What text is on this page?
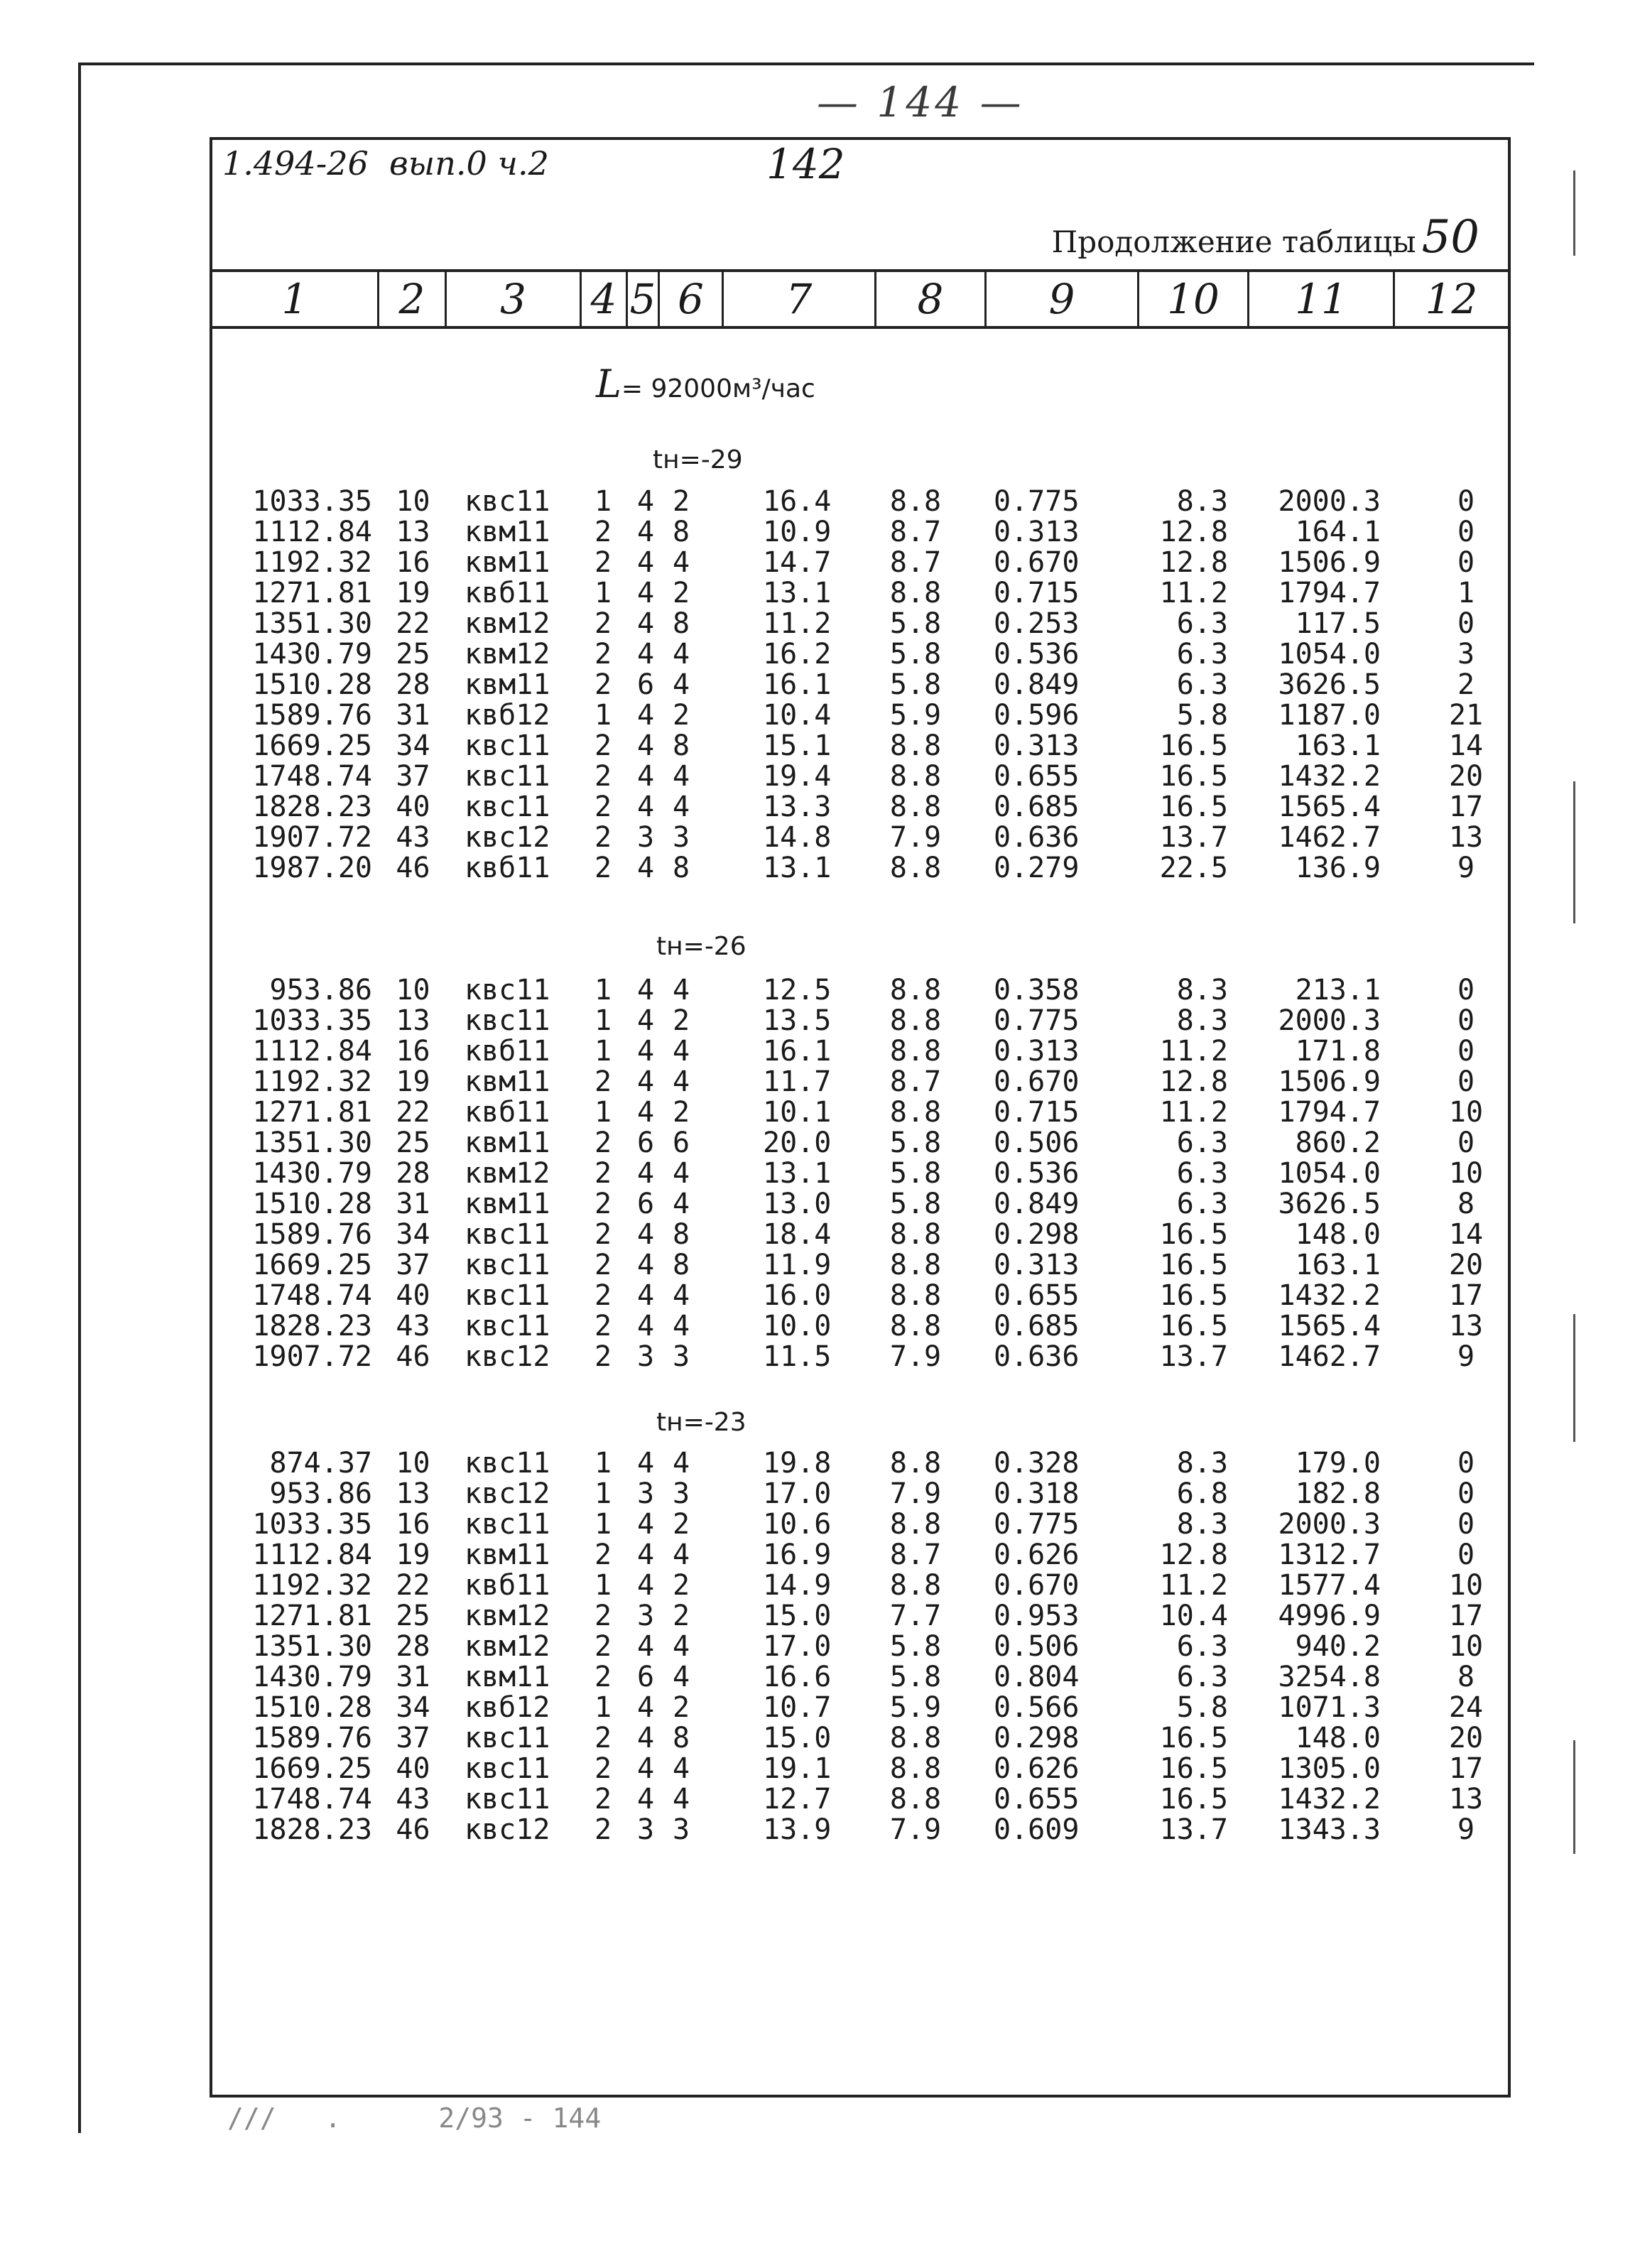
— 144 —
1.494-26  вып.0 ч.2	142
Продолжение таблицы 50
1	2	3	4 5 6	7	8	9	10	11	12
L= 92000м³/час
tн=-29
1033.35 10	квс11	1 4 2	16.4	8.8	0.775	8.3	2000.3	0
1112.84 13	квм11	2 4 8	10.9	8.7	0.313	12.8	164.1	0
1192.32 16	квм11	2 4 4	14.7	8.7	0.670	12.8	1506.9	0
1271.81 19	квб11	1 4 2	13.1	8.8	0.715	11.2	1794.7	1
1351.30 22	квм12	2 4 8	11.2	5.8	0.253	6.3	117.5	0
1430.79 25	квм12	2 4 4	16.2	5.8	0.536	6.3	1054.0	3
1510.28 28	квм11	2 6 4	16.1	5.8	0.849	6.3	3626.5	2
1589.76 31	квб12	1 4 2	10.4	5.9	0.596	5.8	1187.0	21
1669.25 34	квс11	2 4 8	15.1	8.8	0.313	16.5	163.1	14
1748.74 37	квс11	2 4 4	19.4	8.8	0.655	16.5	1432.2	20
1828.23 40	квс11	2 4 4	13.3	8.8	0.685	16.5	1565.4	17
1907.72 43	квс12	2 3 3	14.8	7.9	0.636	13.7	1462.7	13
1987.20 46	квб11	2 4 8	13.1	8.8	0.279	22.5	136.9	9
tн=-26
953.86 10	квс11	1 4 4	12.5	8.8	0.358	8.3	213.1	0
1033.35 13	квс11	1 4 2	13.5	8.8	0.775	8.3	2000.3	0
1112.84 16	квб11	1 4 4	16.1	8.8	0.313	11.2	171.8	0
1192.32 19	квм11	2 4 4	11.7	8.7	0.670	12.8	1506.9	0
1271.81 22	квб11	1 4 2	10.1	8.8	0.715	11.2	1794.7	10
1351.30 25	квм11	2 6 6	20.0	5.8	0.506	6.3	860.2	0
1430.79 28	квм12	2 4 4	13.1	5.8	0.536	6.3	1054.0	10
1510.28 31	квм11	2 6 4	13.0	5.8	0.849	6.3	3626.5	8
1589.76 34	квс11	2 4 8	18.4	8.8	0.298	16.5	148.0	14
1669.25 37	квс11	2 4 8	11.9	8.8	0.313	16.5	163.1	20
1748.74 40	квс11	2 4 4	16.0	8.8	0.655	16.5	1432.2	17
1828.23 43	квс11	2 4 4	10.0	8.8	0.685	16.5	1565.4	13
1907.72 46	квс12	2 3 3	11.5	7.9	0.636	13.7	1462.7	9
tн=-23
874.37 10	квс11	1 4 4	19.8	8.8	0.328	8.3	179.0	0
953.86 13	квс12	1 3 3	17.0	7.9	0.318	6.8	182.8	0
1033.35 16	квс11	1 4 2	10.6	8.8	0.775	8.3	2000.3	0
1112.84 19	квм11	2 4 4	16.9	8.7	0.626	12.8	1312.7	0
1192.32 22	квб11	1 4 2	14.9	8.8	0.670	11.2	1577.4	10
1271.81 25	квм12	2 3 2	15.0	7.7	0.953	10.4	4996.9	17
1351.30 28	квм12	2 4 4	17.0	5.8	0.506	6.3	940.2	10
1430.79 31	квм11	2 6 4	16.6	5.8	0.804	6.3	3254.8	8
1510.28 34	квб12	1 4 2	10.7	5.9	0.566	5.8	1071.3	24
1589.76 37	квс11	2 4 8	15.0	8.8	0.298	16.5	148.0	20
1669.25 40	квс11	2 4 4	19.1	8.8	0.626	16.5	1305.0	17
1748.74 43	квс11	2 4 4	12.7	8.8	0.655	16.5	1432.2	13
1828.23 46	квс12	2 3 3	13.9	7.9	0.609	13.7	1343.3	9
///   .      2/93 - 144
